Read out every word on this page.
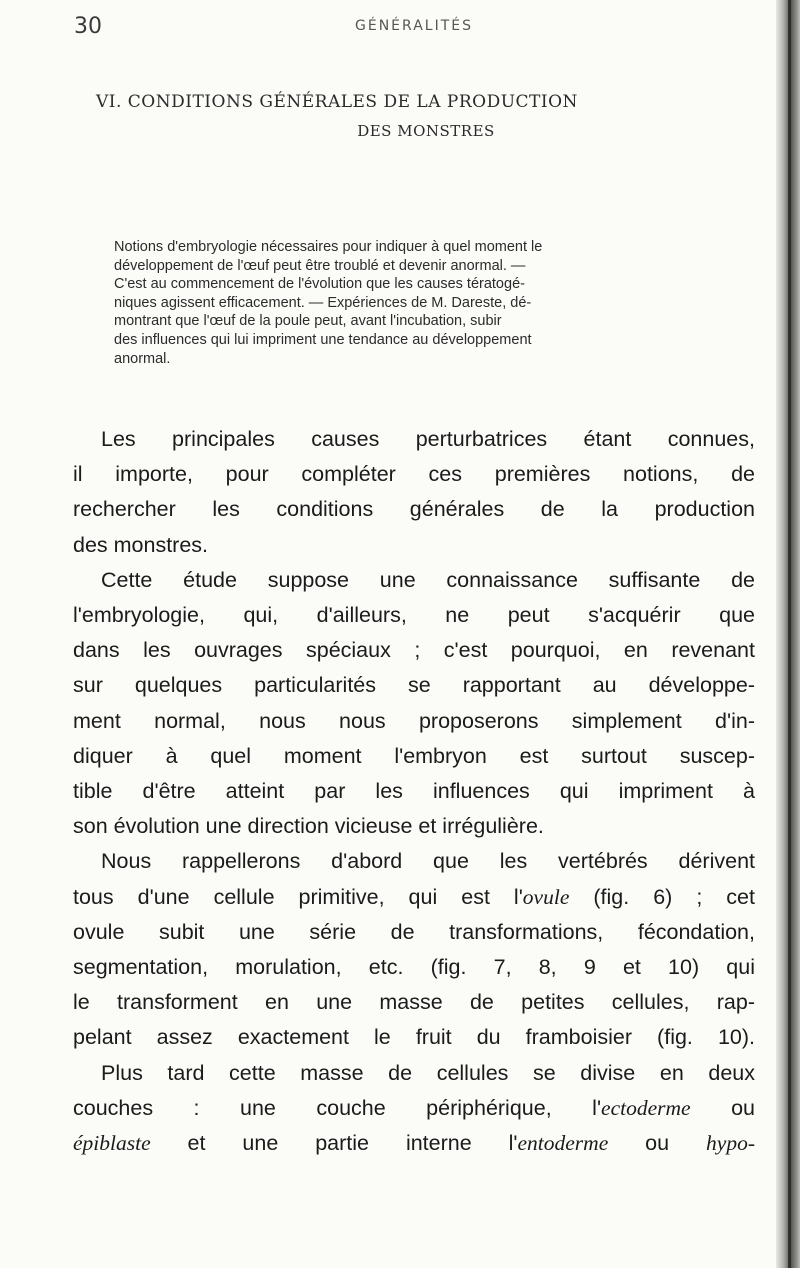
30	GÉNÉRALITÉS
VI. CONDITIONS GÉNÉRALES DE LA PRODUCTION
DES MONSTRES
Notions d'embryologie nécessaires pour indiquer à quel moment le
développement de l'œuf peut être troublé et devenir anormal. —
C'est au commencement de l'évolution que les causes tératogé-
niques agissent efficacement. — Expériences de M. Dareste, dé-
montrant que l'œuf de la poule peut, avant l'incubation, subir
des influences qui lui impriment une tendance au développement
anormal.
Les principales causes perturbatrices étant connues,
il importe, pour compléter ces premières notions, de
rechercher les conditions générales de la production
des monstres.
Cette étude suppose une connaissance suffisante de
l'embryologie, qui, d'ailleurs, ne peut s'acquérir que
dans les ouvrages spéciaux ; c'est pourquoi, en revenant
sur quelques particularités se rapportant au développe-
ment normal, nous nous proposerons simplement d'in-
diquer à quel moment l'embryon est surtout suscep-
tible d'être atteint par les influences qui impriment à
son évolution une direction vicieuse et irrégulière.
Nous rappellerons d'abord que les vertébrés dérivent
tous d'une cellule primitive, qui est l'ovule (fig. 6) ; cet
ovule subit une série de transformations, fécondation,
segmentation, morulation, etc. (fig. 7, 8, 9 et 10) qui
le transforment en une masse de petites cellules, rap-
pelant assez exactement le fruit du framboisier (fig. 10).
Plus tard cette masse de cellules se divise en deux
couches : une couche périphérique, l'ectoderme ou
épiblaste et une partie interne l'entoderme ou hypo-
